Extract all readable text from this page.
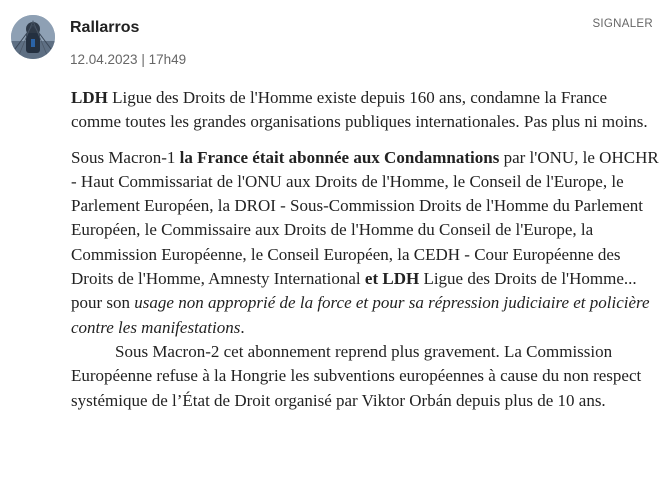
Rallarros
12.04.2023 | 17h49
SIGNALER

LDH Ligue des Droits de l'Homme existe depuis 160 ans, condamne la France comme toutes les grandes organisations publiques internationales. Pas plus ni moins.

Sous Macron-1 la France était abonnée aux Condamnations par l'ONU, le OHCHR - Haut Commissariat de l'ONU aux Droits de l'Homme, le Conseil de l'Europe, le Parlement Européen, la DROI - Sous-Commission Droits de l'Homme du Parlement Européen, le Commissaire aux Droits de l'Homme du Conseil de l'Europe, la Commission Européenne, le Conseil Européen, la CEDH - Cour Européenne des Droits de l'Homme, Amnesty International et LDH Ligue des Droits de l'Homme... pour son usage non approprié de la force et pour sa répression judiciaire et policière contre les manifestations.

Sous Macron-2 cet abonnement reprend plus gravement. La Commission Européenne refuse à la Hongrie les subventions européennes à cause du non respect systémique de l’État de Droit organisé par Viktor Orbán depuis plus de 10 ans.
